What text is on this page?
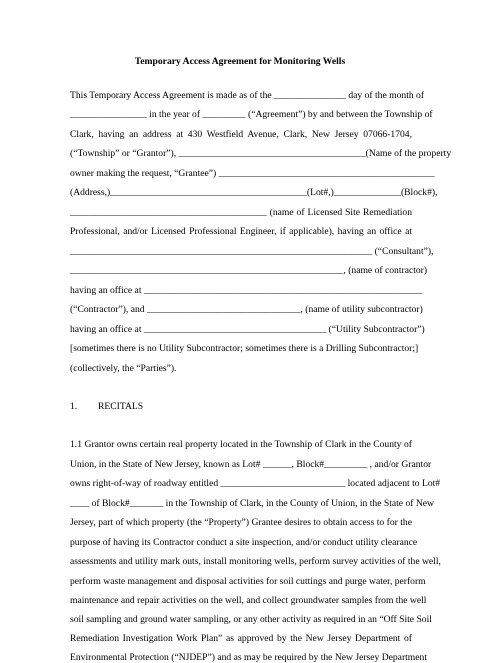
Temporary Access Agreement for Monitoring Wells
This Temporary Access Agreement is made as of the _______________ day of the month of
________________ in the year of _________ (“Agreement”) by and between the Township of
Clark, having an address at 430 Westfield Avenue, Clark, New Jersey 07066-1704,
(“Township” or “Grantor”), _______________________________________(Name of the property
owner making the request, “Grantee”) _____________________________________________
(Address,)_________________________________________(Lot#,)______________(Block#),
_________________________________________ (name of Licensed Site Remediation
Professional, and/or Licensed Professional Engineer, if applicable), having an office at
_______________________________________________________________ (“Consultant”),
_________________________________________________________, (name of contractor)
having an office at __________________________________________________________
(“Contractor”), and ________________________________, (name of utility subcontractor)
having an office at ______________________________________ (“Utility Subcontractor”)
[sometimes there is no Utility Subcontractor; sometimes there is a Drilling Subcontractor;]
(collectively, the “Parties”).
1. RECITALS
1.1 Grantor owns certain real property located in the Township of Clark in the County of
Union, in the State of New Jersey, known as Lot# ______, Block#_________ , and/or Grantor
owns right-of-way of roadway entitled __________________________ located adjacent to Lot#
____ of Block#_______ in the Township of Clark, in the County of Union, in the State of New
Jersey, part of which property (the “Property”) Grantee desires to obtain access to for the
purpose of having its Contractor conduct a site inspection, and/or conduct utility clearance
assessments and utility mark outs, install monitoring wells, perform survey activities of the well,
perform waste management and disposal activities for soil cuttings and purge water, perform
maintenance and repair activities on the well, and collect groundwater samples from the well
soil sampling and ground water sampling, or any other activity as required in an “Off Site Soil
Remediation Investigation Work Plan” as approved by the New Jersey Department of
Environmental Protection (“NJDEP”) and as may be required by the New Jersey Department
